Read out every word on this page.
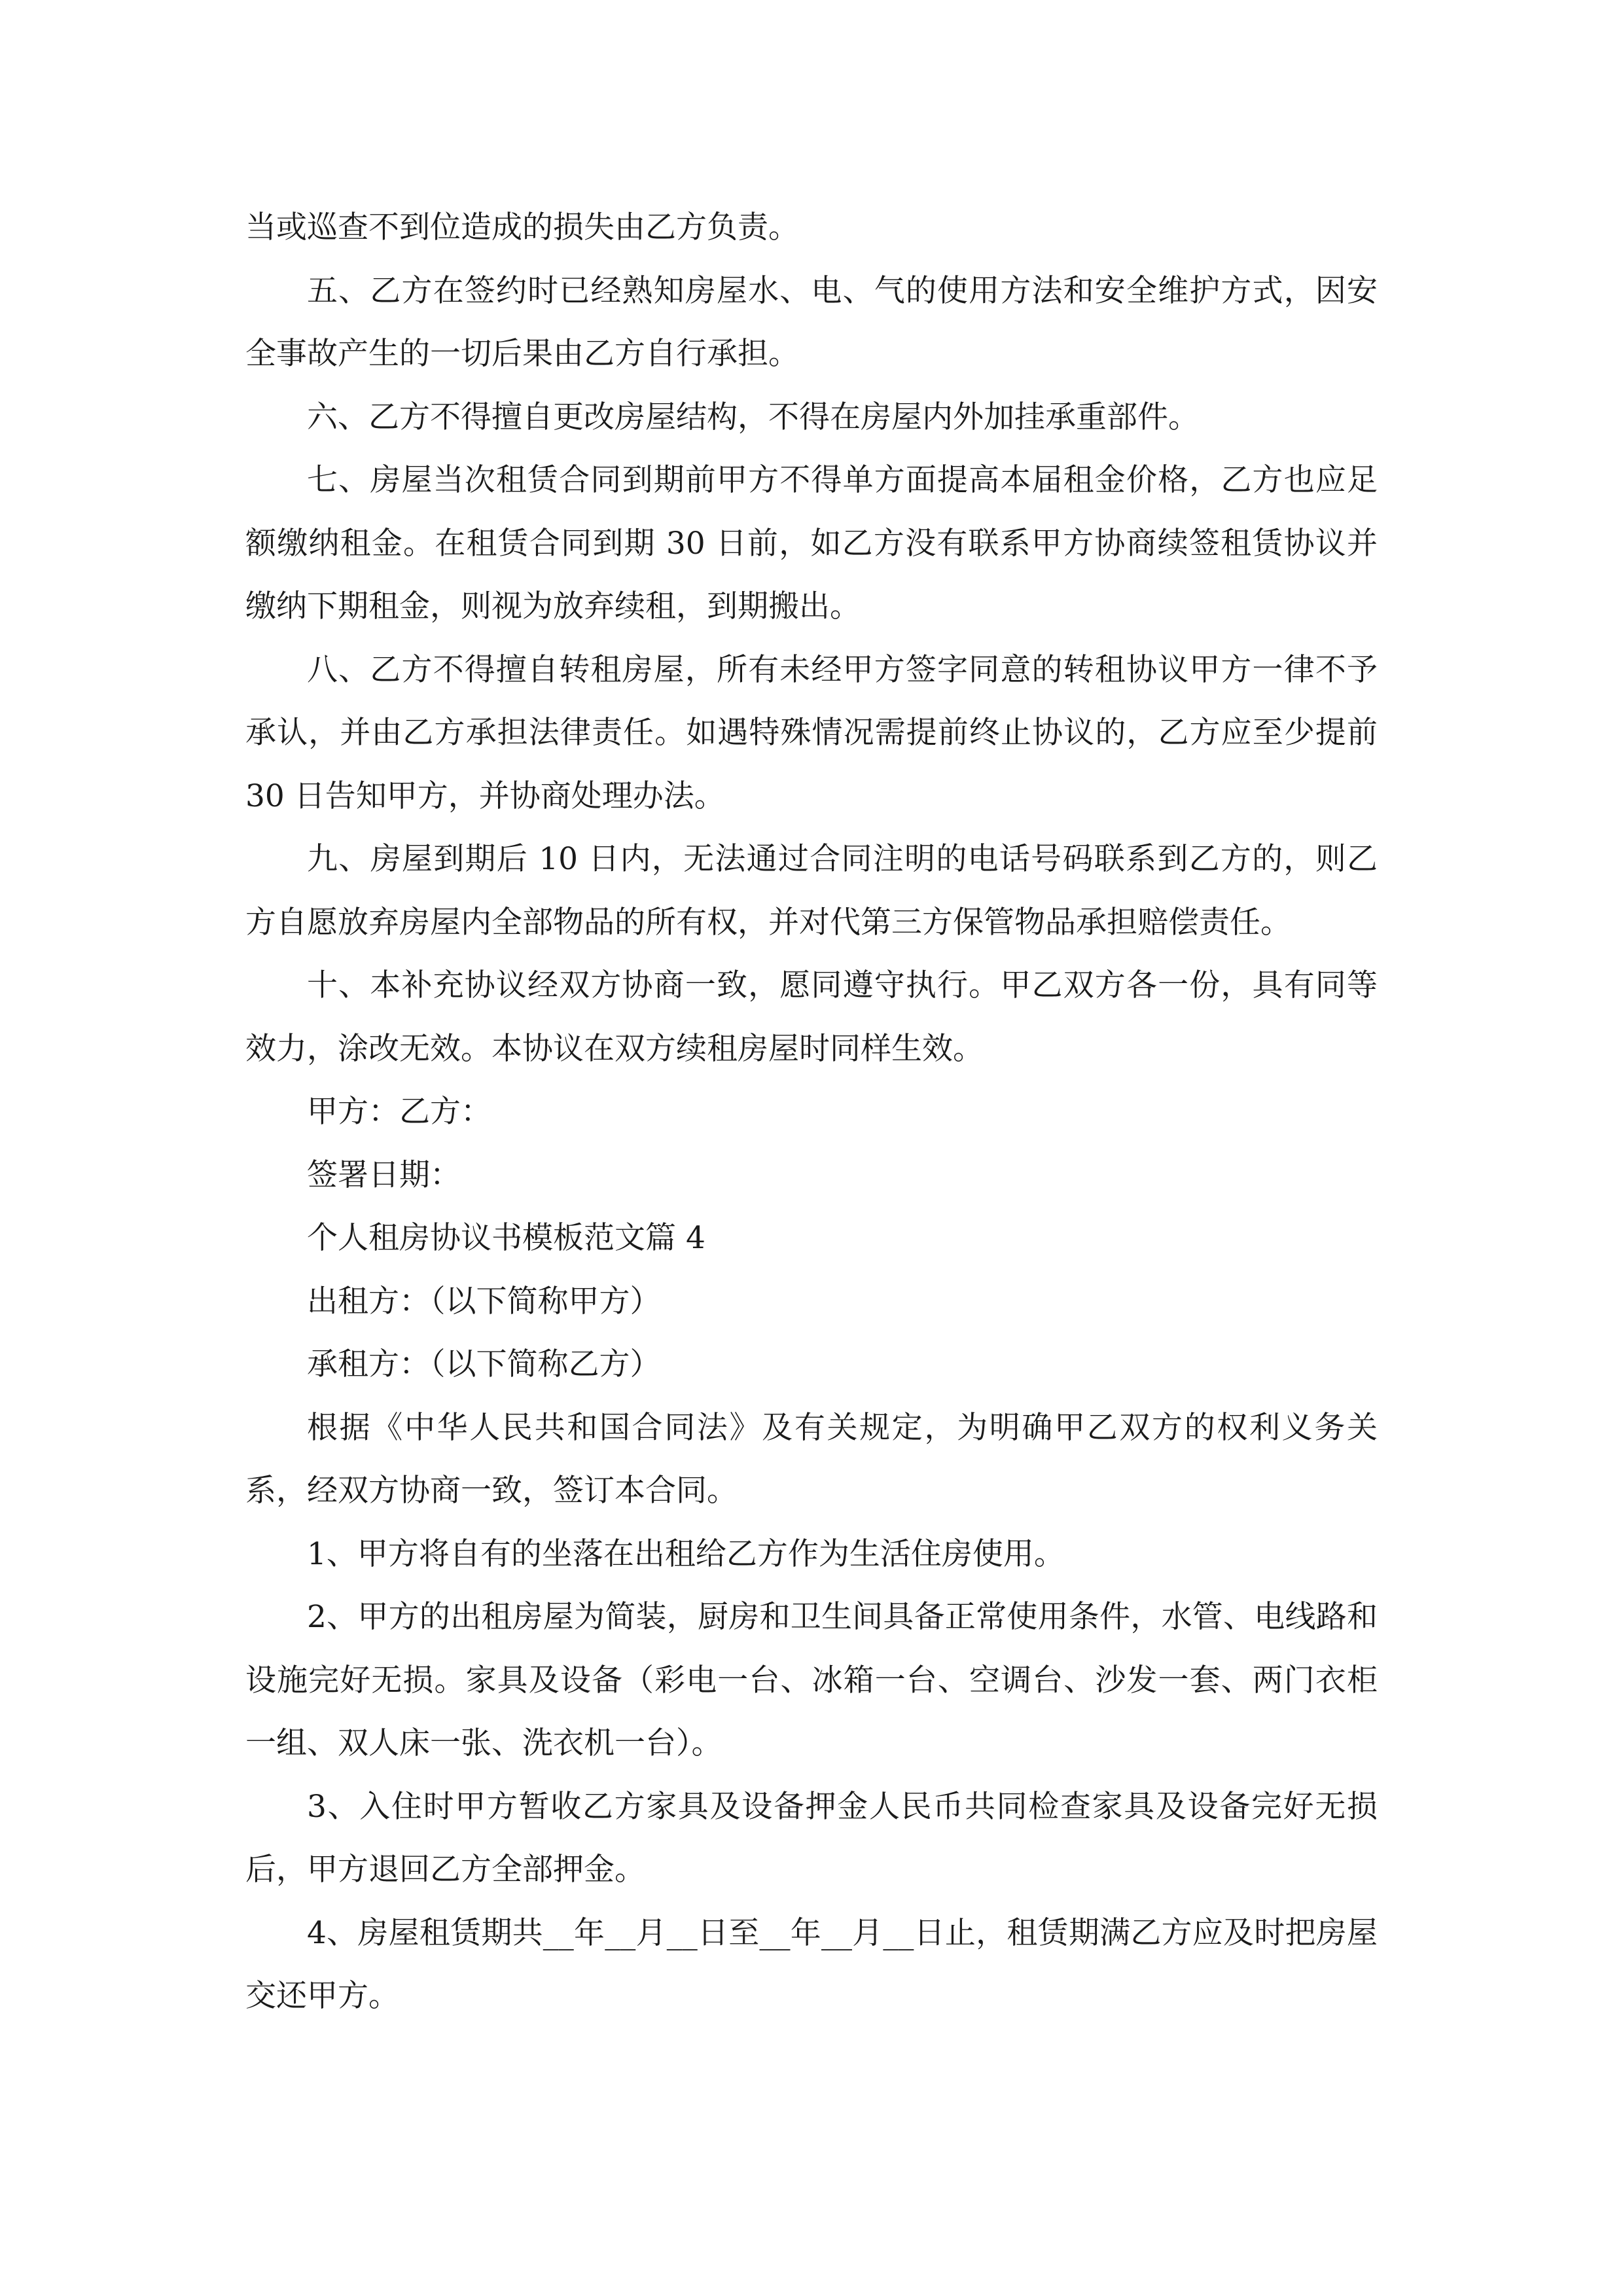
当或巡查不到位造成的损失由乙方负责。

五、乙方在签约时已经熟知房屋水、电、气的使用方法和安全维护方式，因安全事故产生的一切后果由乙方自行承担。

六、乙方不得擅自更改房屋结构，不得在房屋内外加挂承重部件。

七、房屋当次租赁合同到期前甲方不得单方面提高本届租金价格，乙方也应足额缴纳租金。在租赁合同到期 30 日前，如乙方没有联系甲方协商续签租赁协议并缴纳下期租金，则视为放弃续租，到期搬出。

八、乙方不得擅自转租房屋，所有未经甲方签字同意的转租协议甲方一律不予承认，并由乙方承担法律责任。如遇特殊情况需提前终止协议的，乙方应至少提前 30 日告知甲方，并协商处理办法。

九、房屋到期后 10 日内，无法通过合同注明的电话号码联系到乙方的，则乙方自愿放弃房屋内全部物品的所有权，并对代第三方保管物品承担赔偿责任。

十、本补充协议经双方协商一致，愿同遵守执行。甲乙双方各一份，具有同等效力，涂改无效。本协议在双方续租房屋时同样生效。

甲方：乙方：

签署日期：

个人租房协议书模板范文篇 4

出租方：（以下简称甲方）

承租方：（以下简称乙方）

根据《中华人民共和国合同法》及有关规定，为明确甲乙双方的权利义务关系，经双方协商一致，签订本合同。

1、甲方将自有的坐落在出租给乙方作为生活住房使用。

2、甲方的出租房屋为简装，厨房和卫生间具备正常使用条件，水管、电线路和设施完好无损。家具及设备（彩电一台、冰箱一台、空调台、沙发一套、两门衣柜一组、双人床一张、洗衣机一台）。

3、入住时甲方暂收乙方家具及设备押金人民币共同检查家具及设备完好无损后，甲方退回乙方全部押金。

4、房屋租赁期共__年__月__日至__年__月__日止，租赁期满乙方应及时把房屋交还甲方。
